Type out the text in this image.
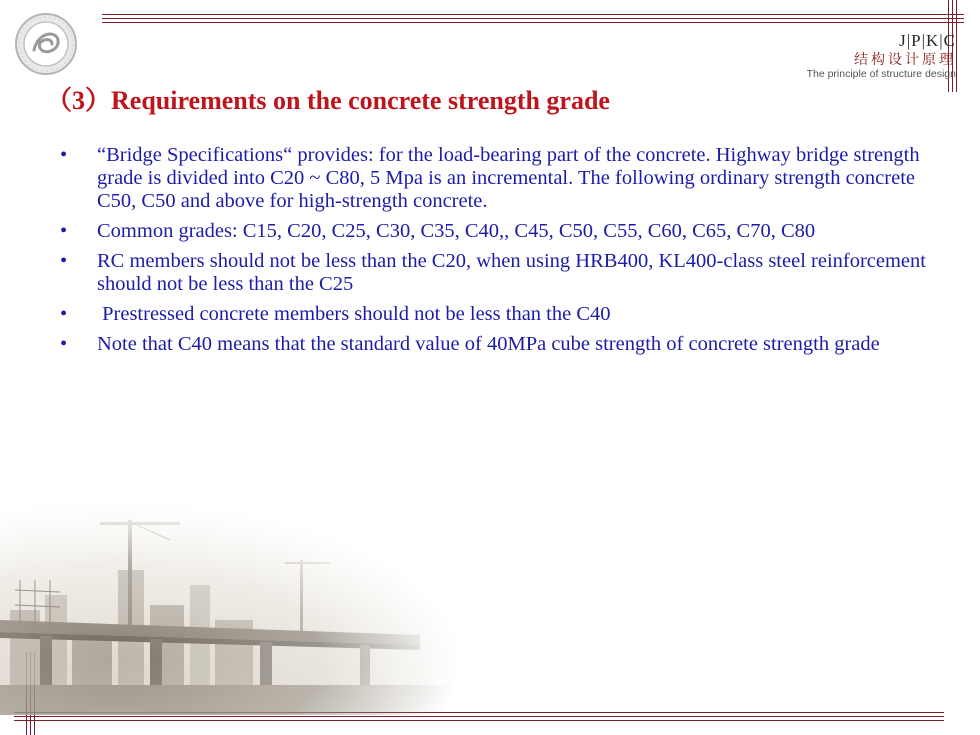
J|P|K|C
结构设计原理
The principle of structure design
（3）Requirements on the concrete strength grade
• “Bridge Specifications“ provides: for the load-bearing part of the concrete. Highway bridge strength grade is divided into C20 ~ C80, 5 Mpa is an incremental. The following ordinary strength concrete C50, C50 and above for high-strength concrete.
• Common grades: C15, C20, C25, C30, C35, C40,, C45, C50, C55, C60, C65, C70, C80
• RC members should not be less than the C20, when using HRB400, KL400-class steel reinforcement should not be less than the C25
• Prestressed concrete members should not be less than the C40
• Note that C40 means that the standard value of 40MPa cube strength of concrete strength grade
